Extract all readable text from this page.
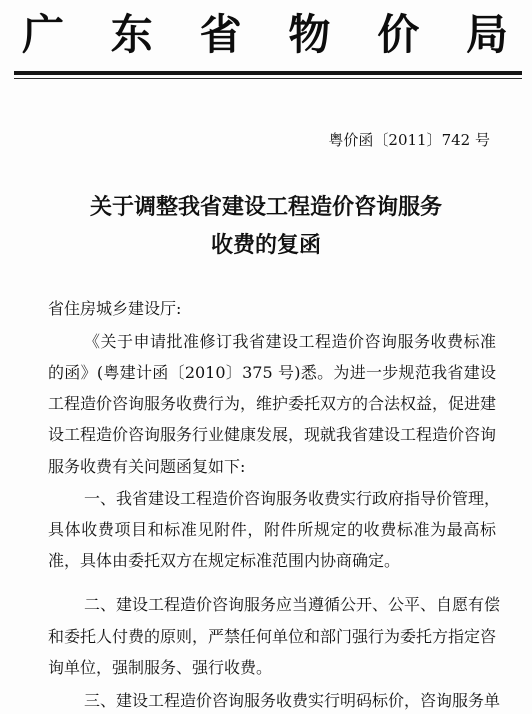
广 东 省 物 价 局
粤价函〔2011〕742 号
关于调整我省建设工程造价咨询服务
收费的复函
省住房城乡建设厅:
《关于申请批准修订我省建设工程造价咨询服务收费标准
的函》(粤建计函〔2010〕375 号)悉。为进一步规范我省建设
工程造价咨询服务收费行为，维护委托双方的合法权益，促进建
设工程造价咨询服务行业健康发展，现就我省建设工程造价咨询
服务收费有关问题函复如下:
一、我省建设工程造价咨询服务收费实行政府指导价管理，
具体收费项目和标准见附件，附件所规定的收费标准为最高标
准，具体由委托双方在规定标准范围内协商确定。
二、建设工程造价咨询服务应当遵循公开、公平、自愿有偿
和委托人付费的原则，严禁任何单位和部门强行为委托方指定咨
询单位，强制服务、强行收费。
三、建设工程造价咨询服务收费实行明码标价，咨询服务单
